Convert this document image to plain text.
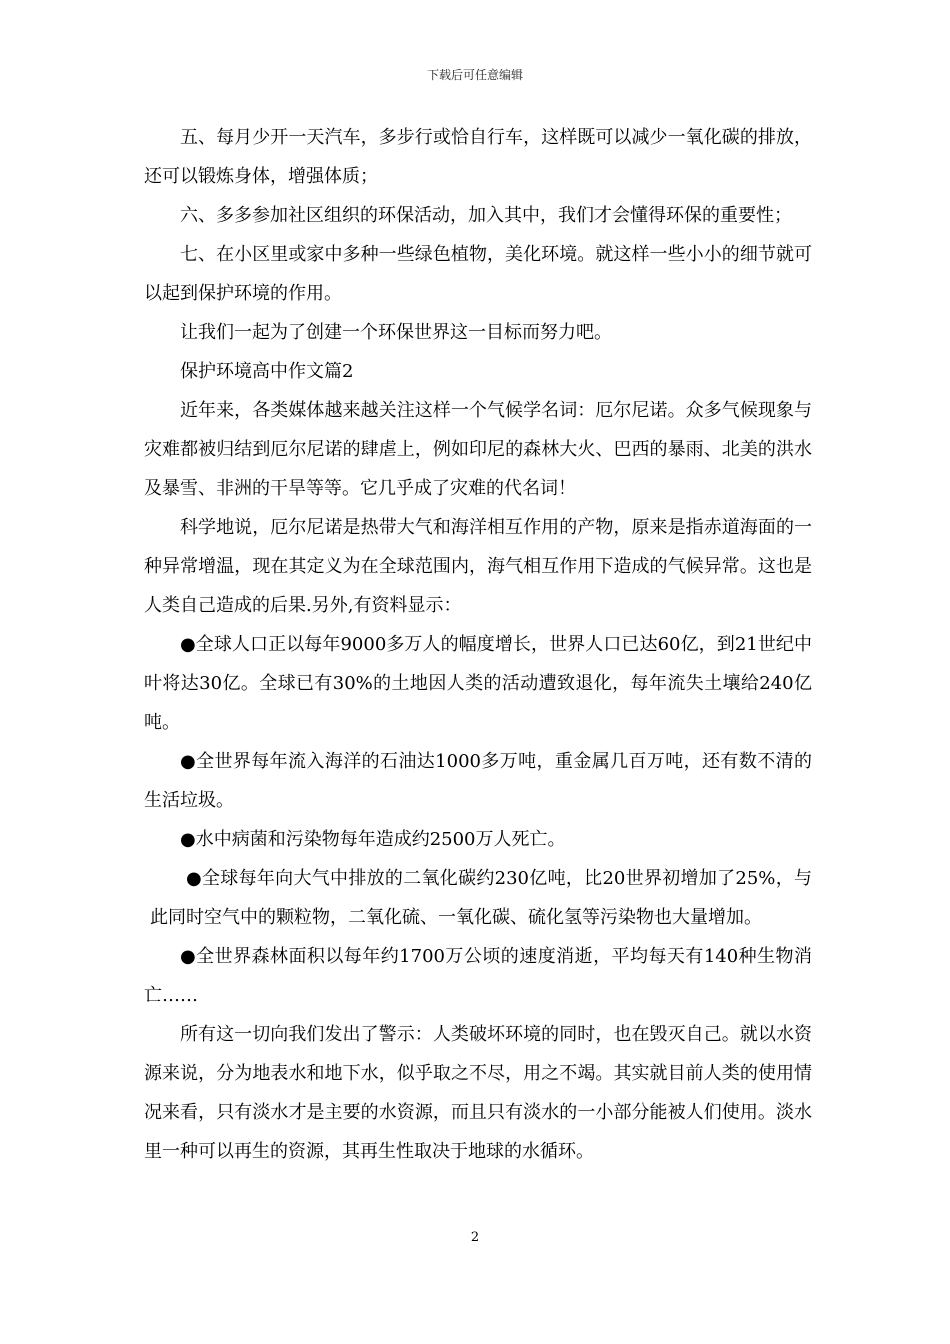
下载后可任意编辑

五、每月少开一天汽车，多步行或恰自行车，这样既可以减少一氧化碳的排放，还可以锻炼身体，增强体质；

六、多多参加社区组织的环保活动，加入其中，我们才会懂得环保的重要性；

七、在小区里或家中多种一些绿色植物，美化环境。就这样一些小小的细节就可以起到保护环境的作用。

让我们一起为了创建一个环保世界这一目标而努力吧。

保护环境高中作文篇2

近年来，各类媒体越来越关注这样一个气候学名词：厄尔尼诺。众多气候现象与灾难都被归结到厄尔尼诺的肆虐上，例如印尼的森林大火、巴西的暴雨、北美的洪水及暴雪、非洲的干旱等等。它几乎成了灾难的代名词！

科学地说，厄尔尼诺是热带大气和海洋相互作用的产物，原来是指赤道海面的一种异常增温，现在其定义为在全球范围内，海气相互作用下造成的气候异常。这也是人类自己造成的后果.另外,有资料显示：

●全球人口正以每年9000多万人的幅度增长，世界人口已达60亿，到21世纪中叶将达30亿。全球已有30%的土地因人类的活动遭致退化，每年流失土壤给240亿吨。

●全世界每年流入海洋的石油达1000多万吨，重金属几百万吨，还有数不清的生活垃圾。

●水中病菌和污染物每年造成约2500万人死亡。

●全球每年向大气中排放的二氧化碳约230亿吨，比20世界初增加了25%，与此同时空气中的颗粒物，二氧化硫、一氧化碳、硫化氢等污染物也大量增加。

●全世界森林面积以每年约1700万公顷的速度消逝，平均每天有140种生物消亡……

所有这一切向我们发出了警示：人类破坏环境的同时，也在毁灭自己。就以水资源来说，分为地表水和地下水，似乎取之不尽，用之不竭。其实就目前人类的使用情况来看，只有淡水才是主要的水资源，而且只有淡水的一小部分能被人们使用。淡水里一种可以再生的资源，其再生性取决于地球的水循环。

2
